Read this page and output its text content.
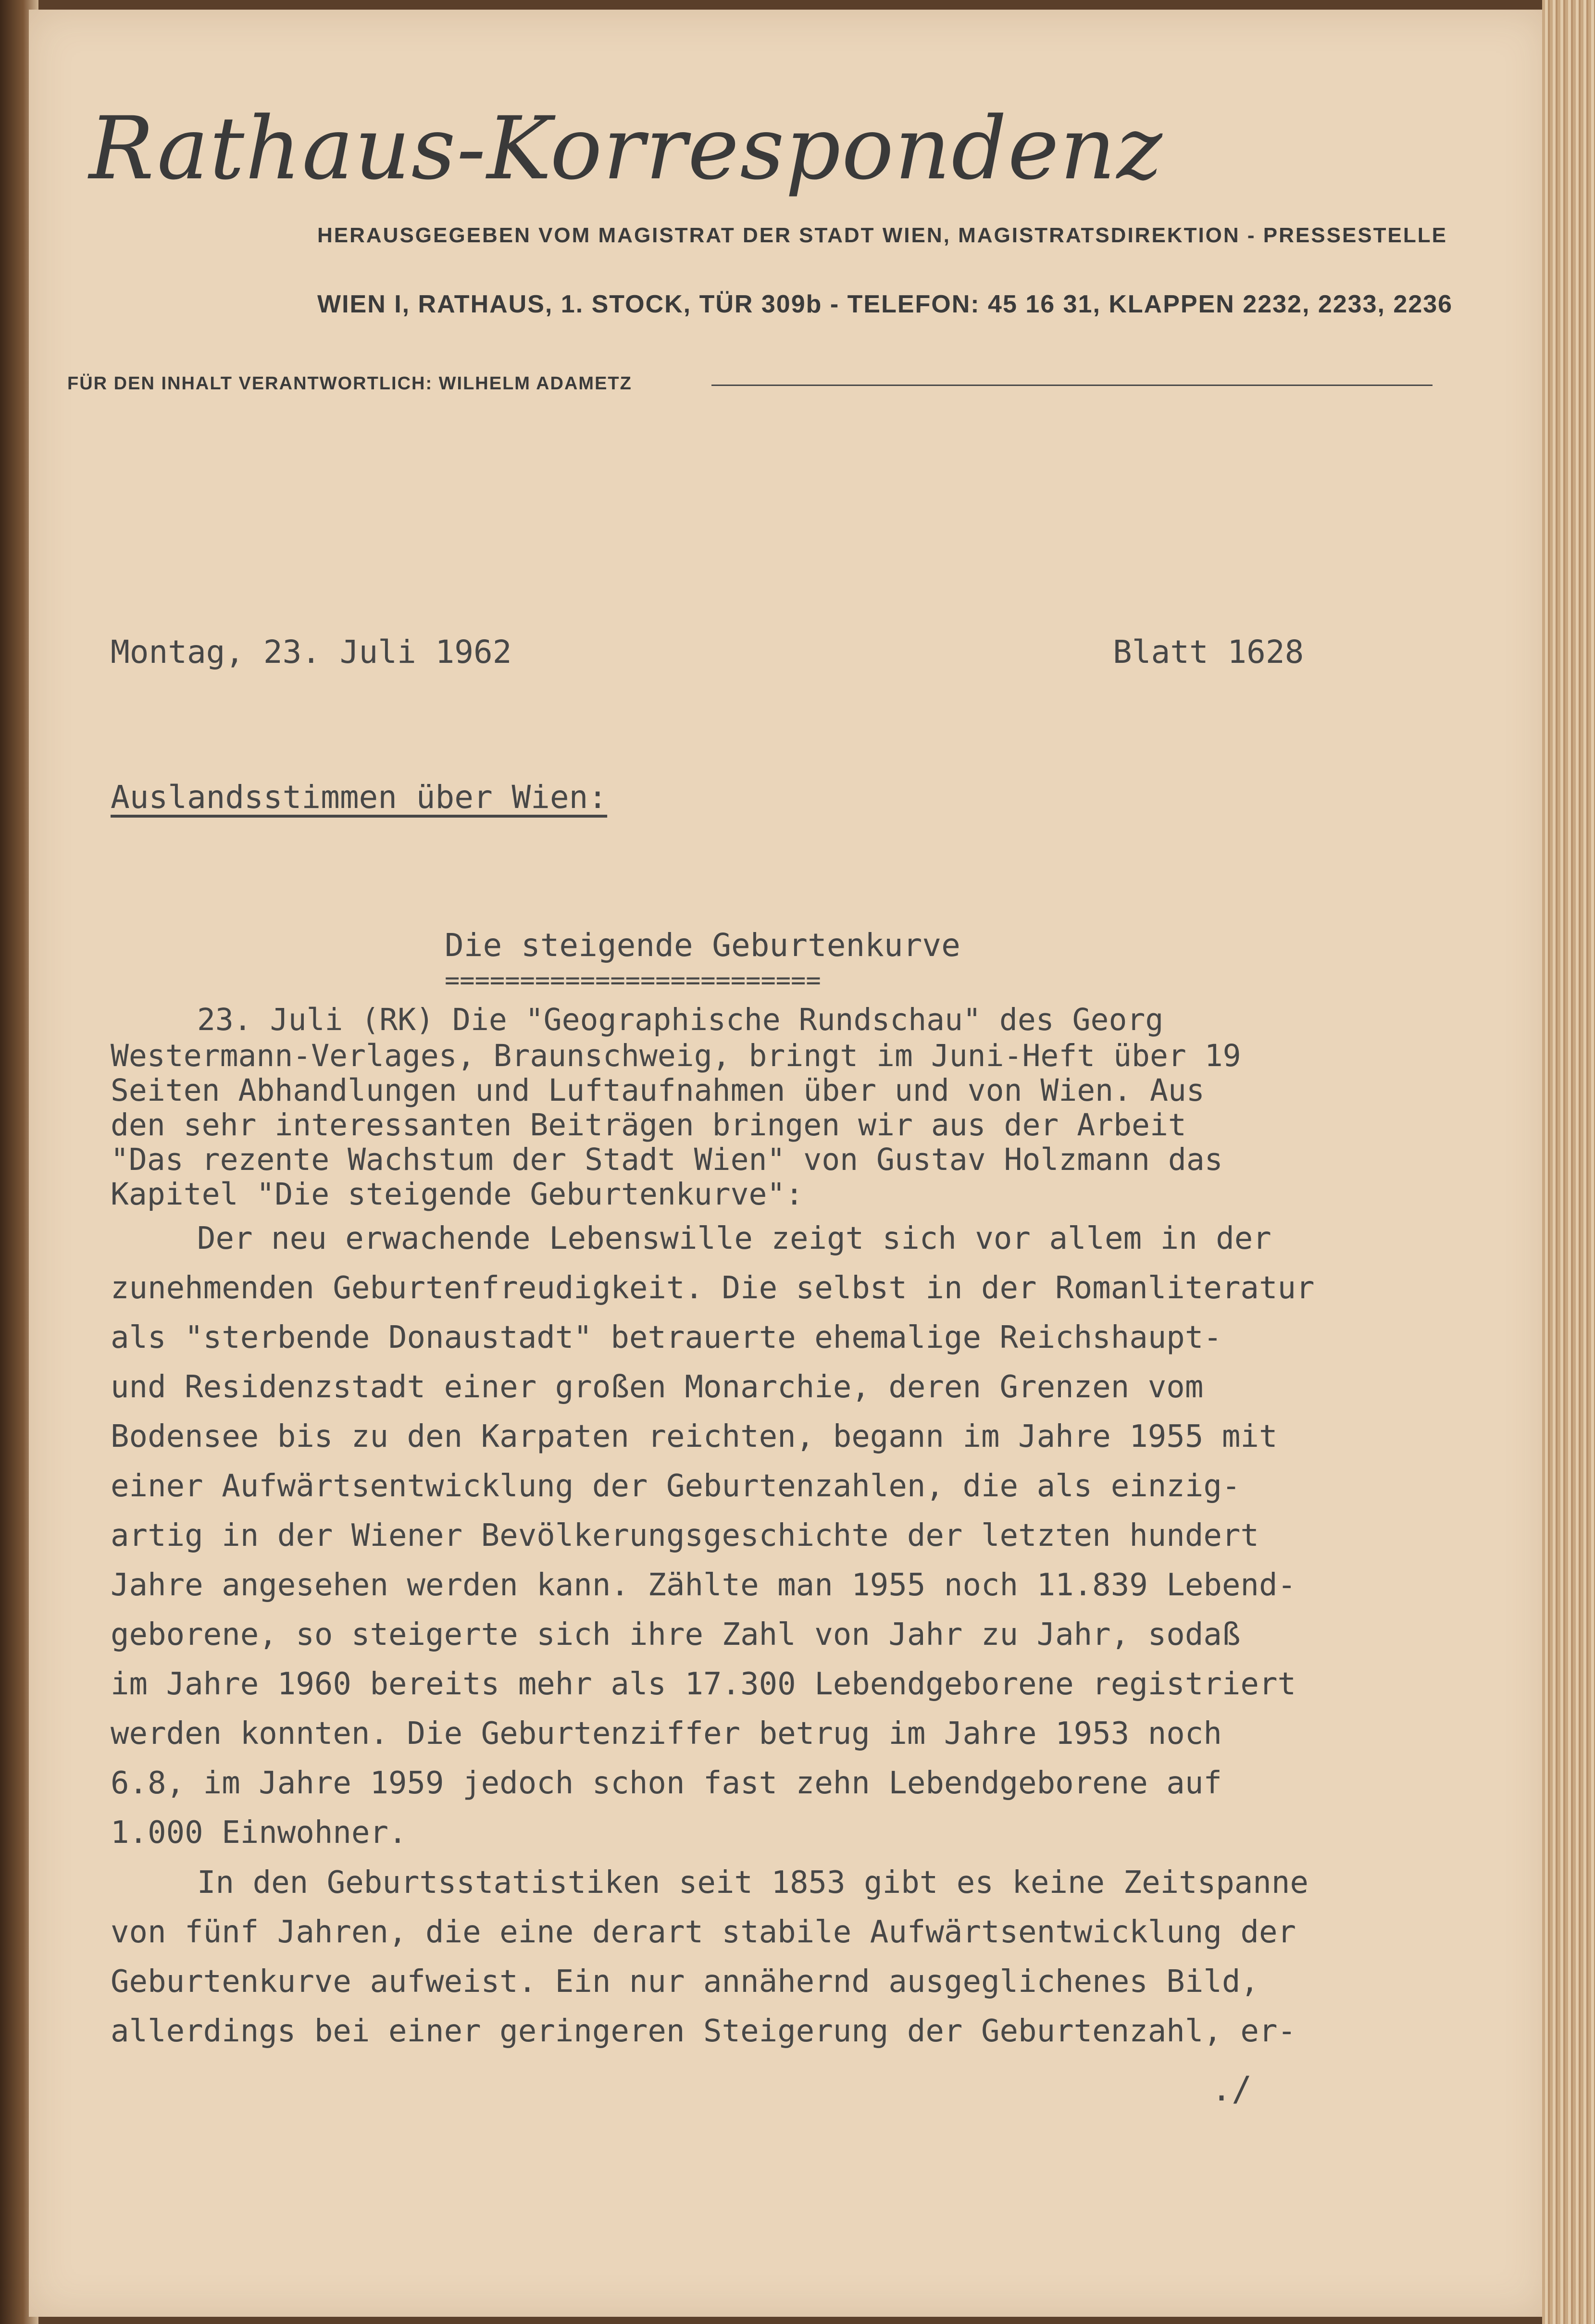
Rathaus-Korrespondenz
HERAUSGEGEBEN VOM MAGISTRAT DER STADT WIEN, MAGISTRATSDIREKTION - PRESSESTELLE
WIEN I, RATHAUS, 1. STOCK, TÜR 309b - TELEFON: 45 16 31, KLAPPEN 2232, 2233, 2236
FÜR DEN INHALT VERANTWORTLICH: WILHELM ADAMETZ
Montag, 23. Juli 1962	Blatt 1628
Auslandsstimmen über Wien:
Die steigende Geburtenkurve
=========================
23. Juli (RK) Die "Geographische Rundschau" des Georg
Westermann-Verlages, Braunschweig, bringt im Juni-Heft über 19
Seiten Abhandlungen und Luftaufnahmen über und von Wien. Aus
den sehr interessanten Beiträgen bringen wir aus der Arbeit
"Das rezente Wachstum der Stadt Wien" von Gustav Holzmann das
Kapitel "Die steigende Geburtenkurve":
Der neu erwachende Lebenswille zeigt sich vor allem in der
zunehmenden Geburtenfreudigkeit. Die selbst in der Romanliteratur
als "sterbende Donaustadt" betrauerte ehemalige Reichshaupt-
und Residenzstadt einer großen Monarchie, deren Grenzen vom
Bodensee bis zu den Karpaten reichten, begann im Jahre 1955 mit
einer Aufwärtsentwicklung der Geburtenzahlen, die als einzig-
artig in der Wiener Bevölkerungsgeschichte der letzten hundert
Jahre angesehen werden kann. Zählte man 1955 noch 11.839 Lebend-
geborene, so steigerte sich ihre Zahl von Jahr zu Jahr, sodaß
im Jahre 1960 bereits mehr als 17.300 Lebendgeborene registriert
werden konnten. Die Geburtenziffer betrug im Jahre 1953 noch
6.8, im Jahre 1959 jedoch schon fast zehn Lebendgeborene auf
1.000 Einwohner.
In den Geburtsstatistiken seit 1853 gibt es keine Zeitspanne
von fünf Jahren, die eine derart stabile Aufwärtsentwicklung der
Geburtenkurve aufweist. Ein nur annähernd ausgeglichenes Bild,
allerdings bei einer geringeren Steigerung der Geburtenzahl, er-
./
